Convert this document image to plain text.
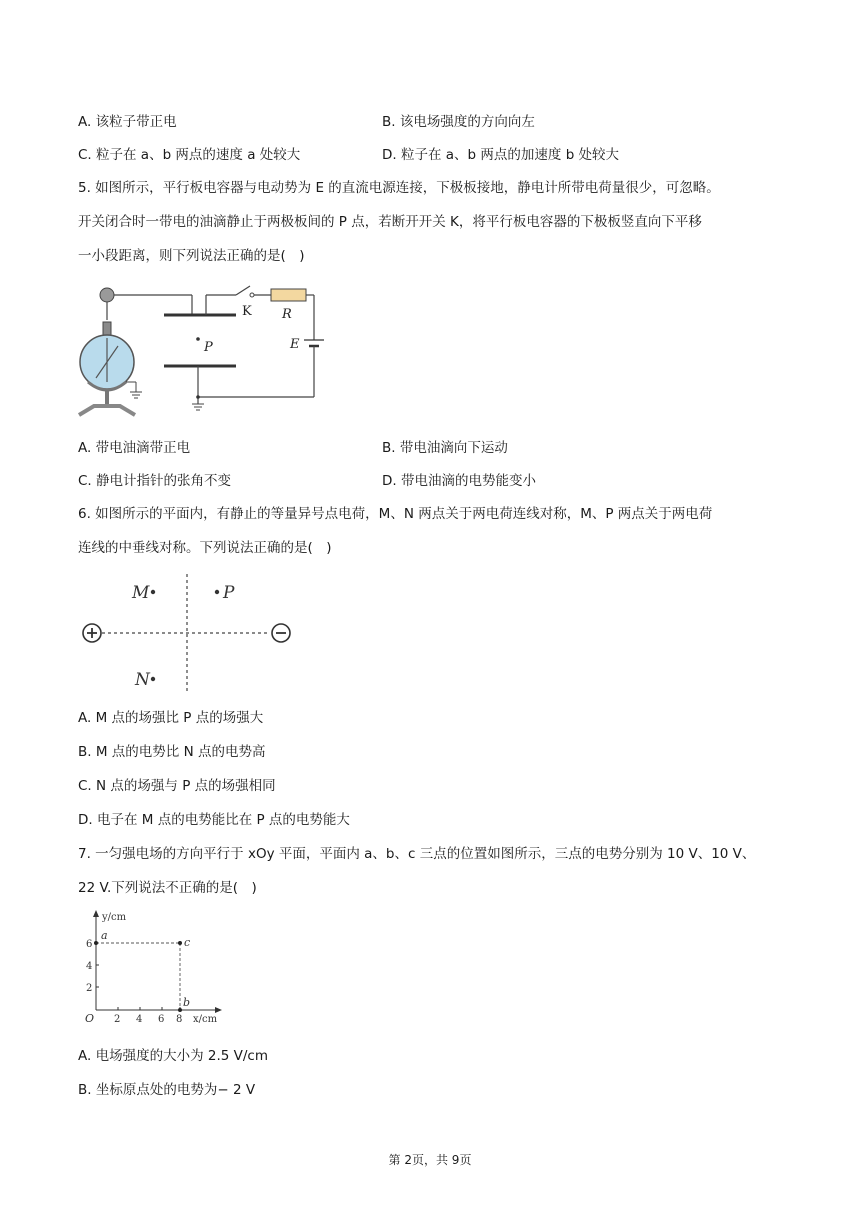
A. 该粒子带正电	B. 该电场强度的方向向左
C. 粒子在 a、b 两点的速度 a 处较大	D. 粒子在 a、b 两点的加速度 b 处较大
5. 如图所示，平行板电容器与电动势为 E 的直流电源连接，下极板接地，静电计所带电荷量很少，可忽略。
开关闭合时一带电的油滴静止于两极板间的 P 点，若断开开关 K，将平行板电容器的下极板竖直向下平移
一小段距离，则下列说法正确的是(　)
K R
E
P
A. 带电油滴带正电	B. 带电油滴向下运动
C. 静电计指针的张角不变	D. 带电油滴的电势能变小
6. 如图所示的平面内，有静止的等量异号点电荷，M、N 两点关于两电荷连线对称，M、P 两点关于两电荷
连线的中垂线对称。下列说法正确的是(　)
M	P
N
A. M 点的场强比 P 点的场强大
B. M 点的电势比 N 点的电势高
C. N 点的场强与 P 点的场强相同
D. 电子在 M 点的电势能比在 P 点的电势能大
7. 一匀强电场的方向平行于 xOy 平面，平面内 a、b、c 三点的位置如图所示，三点的电势分别为 10 V、10 V、
22 V.下列说法不正确的是(　)
y/cm
x/cm
O
2
4
6
2 4 6 8
a
c
b
A. 电场强度的大小为 2.5 V/cm
B. 坐标原点处的电势为− 2 V
第 2页，共 9页
